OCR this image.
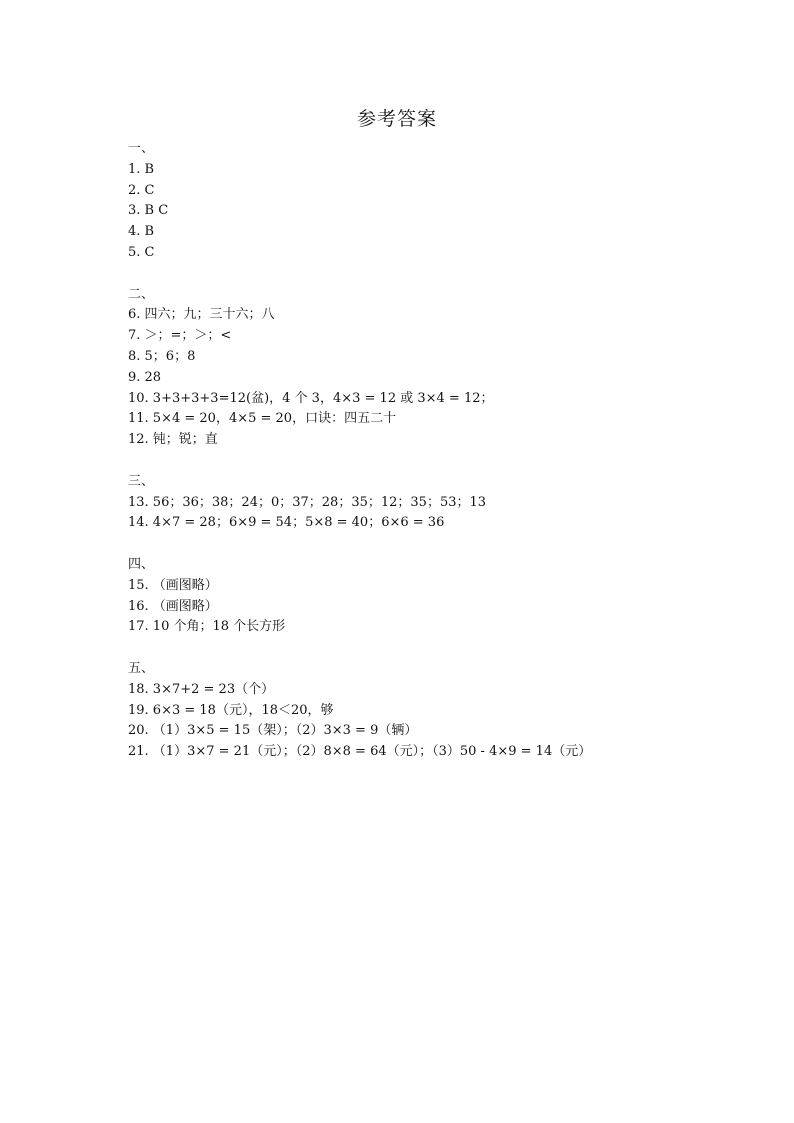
参考答案
一、
1. B
2. C
3. B C
4. B
5. C
二、
6. 四六；九；三十六；八
7. ＞；=；＞；<
8. 5；6；8
9. 28
10. 3+3+3+3=12(盆)，4 个 3，4×3 = 12 或 3×4 = 12；
11. 5×4 = 20，4×5 = 20，口诀：四五二十
12. 钝；锐；直
三、
13. 56；36；38；24；0；37；28；35；12；35；53；13
14. 4×7 = 28；6×9 = 54；5×8 = 40；6×6 = 36
四、
15. （画图略）
16. （画图略）
17. 10 个角；18 个长方形
五、
18. 3×7+2 = 23（个）
19. 6×3 = 18（元），18＜20，够
20. （1）3×5 = 15（架）；（2）3×3 = 9（辆）
21. （1）3×7 = 21（元）；（2）8×8 = 64（元）；（3）50 - 4×9 = 14（元）
